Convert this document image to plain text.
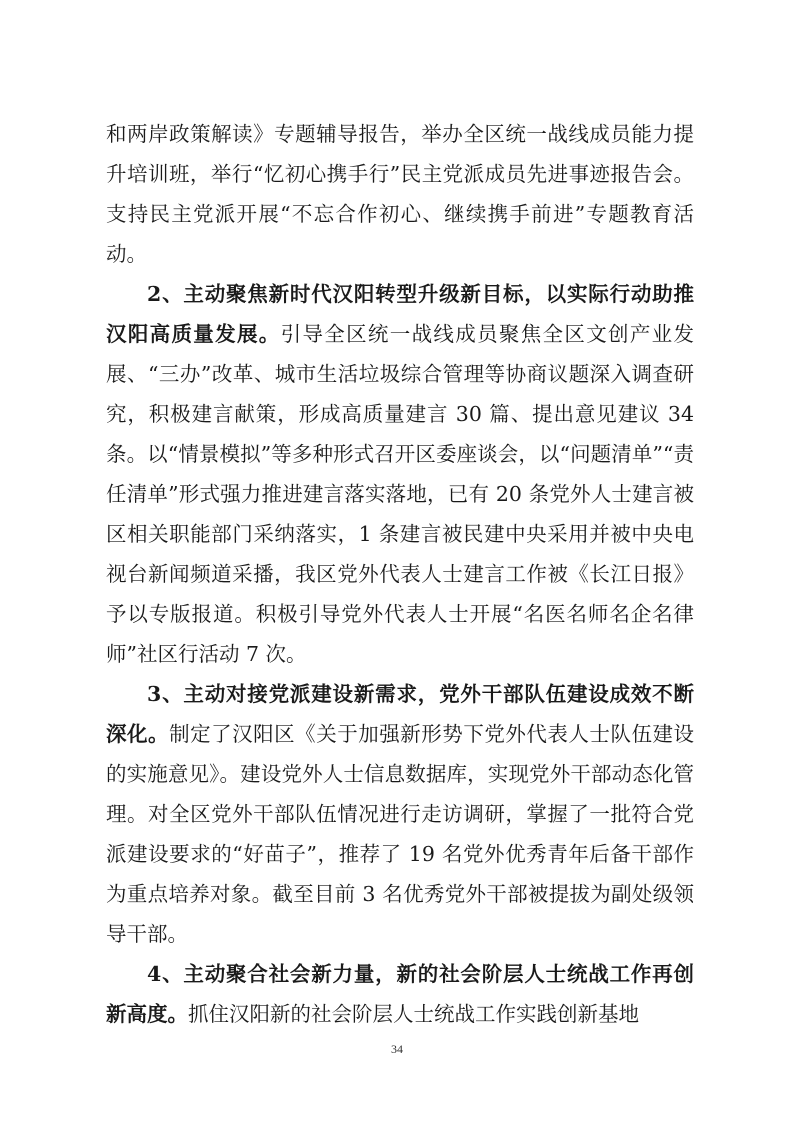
和两岸政策解读》专题辅导报告，举办全区统一战线成员能力提升培训班，举行“忆初心携手行”民主党派成员先进事迹报告会。支持民主党派开展“不忘合作初心、继续携手前进”专题教育活动。

2、主动聚焦新时代汉阳转型升级新目标，以实际行动助推汉阳高质量发展。引导全区统一战线成员聚焦全区文创产业发展、“三办”改革、城市生活垃圾综合管理等协商议题深入调查研究，积极建言献策，形成高质量建言 30 篇、提出意见建议 34 条。以“情景模拟”等多种形式召开区委座谈会，以“问题清单”“责任清单”形式强力推进建言落实落地，已有 20 条党外人士建言被区相关职能部门采纳落实，1 条建言被民建中央采用并被中央电视台新闻频道采播，我区党外代表人士建言工作被《长江日报》予以专版报道。积极引导党外代表人士开展“名医名师名企名律师”社区行活动 7 次。

3、主动对接党派建设新需求，党外干部队伍建设成效不断深化。制定了汉阳区《关于加强新形势下党外代表人士队伍建设的实施意见》。建设党外人士信息数据库，实现党外干部动态化管理。对全区党外干部队伍情况进行走访调研，掌握了一批符合党派建设要求的“好苗子”，推荐了 19 名党外优秀青年后备干部作为重点培养对象。截至目前 3 名优秀党外干部被提拔为副处级领导干部。

4、主动聚合社会新力量，新的社会阶层人士统战工作再创新高度。抓住汉阳新的社会阶层人士统战工作实践创新基地

34
